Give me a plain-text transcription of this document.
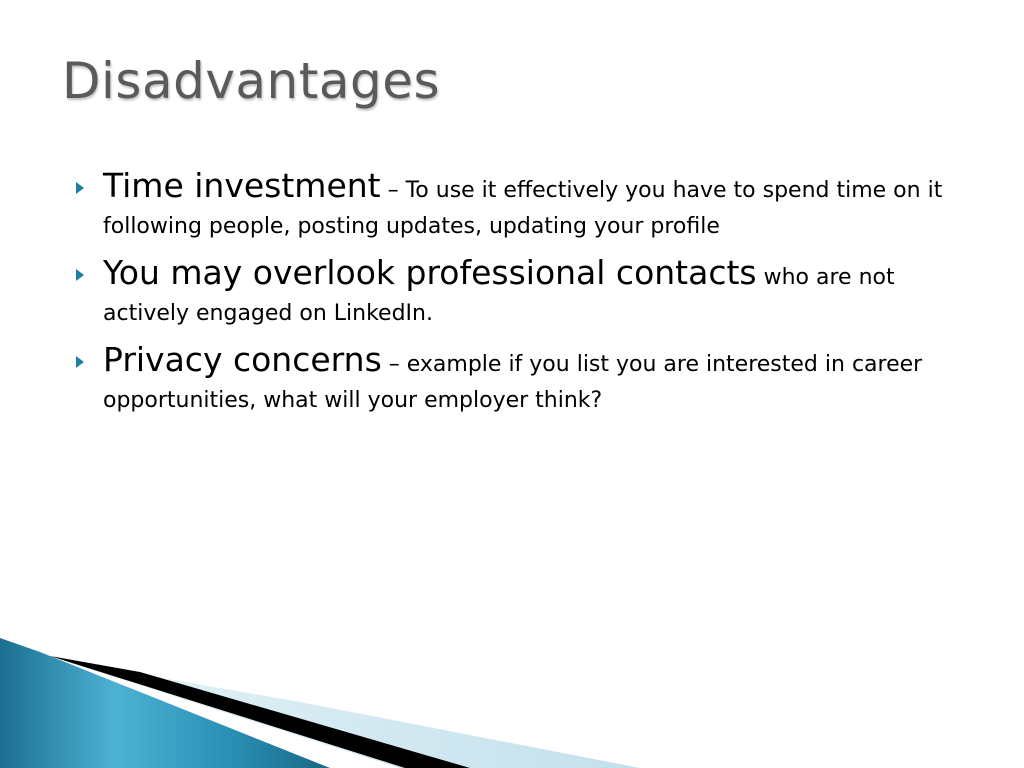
Disadvantages
Time investment – To use it effectively you have to spend time on it following people, posting updates, updating your profile
You may overlook professional contacts who are not actively engaged on LinkedIn.
Privacy concerns – example if you list you are interested in career opportunities, what will your employer think?
